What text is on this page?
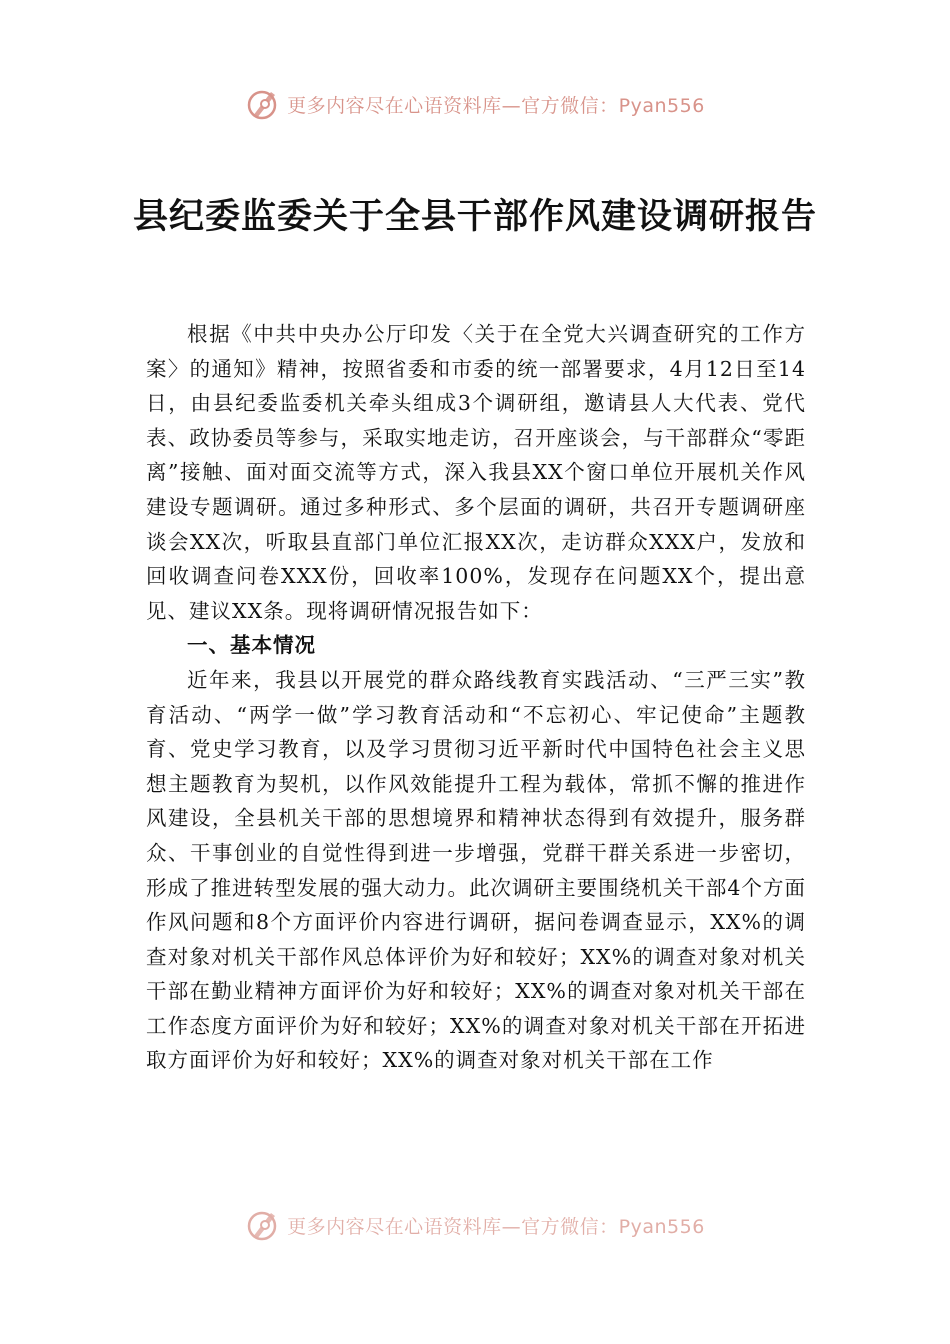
更多内容尽在心语资料库—官方微信：Pyan556
县纪委监委关于全县干部作风建设调研报告

根据《中共中央办公厅印发〈关于在全党大兴调查研究的工作方案〉的通知》精神，按照省委和市委的统一部署要求，4月12日至14日，由县纪委监委机关牵头组成3个调研组，邀请县人大代表、党代表、政协委员等参与，采取实地走访，召开座谈会，与干部群众“零距离”接触、面对面交流等方式，深入我县XX个窗口单位开展机关作风建设专题调研。通过多种形式、多个层面的调研，共召开专题调研座谈会XX次，听取县直部门单位汇报XX次，走访群众XXX户，发放和回收调查问卷XXX份，回收率100%，发现存在问题XX个，提出意见、建议XX条。现将调研情况报告如下：

一、基本情况

近年来，我县以开展党的群众路线教育实践活动、“三严三实”教育活动、“两学一做”学习教育活动和“不忘初心、牢记使命”主题教育、党史学习教育，以及学习贯彻习近平新时代中国特色社会主义思想主题教育为契机，以作风效能提升工程为载体，常抓不懈的推进作风建设，全县机关干部的思想境界和精神状态得到有效提升，服务群众、干事创业的自觉性得到进一步增强，党群干群关系进一步密切，形成了推进转型发展的强大动力。此次调研主要围绕机关干部4个方面作风问题和8个方面评价内容进行调研，据问卷调查显示，XX%的调查对象对机关干部作风总体评价为好和较好；XX%的调查对象对机关干部在勤业精神方面评价为好和较好；XX%的调查对象对机关干部在工作态度方面评价为好和较好；XX%的调查对象对机关干部在开拓进取方面评价为好和较好；XX%的调查对象对机关干部在工作

更多内容尽在心语资料库—官方微信：Pyan556
